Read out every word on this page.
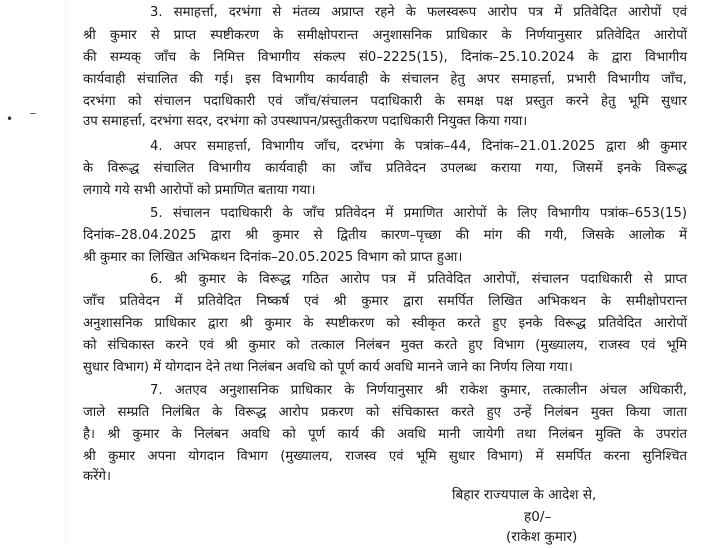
–
•
3. समाहर्त्ता, दरभंगा से मंतव्य अप्राप्त रहने के फलस्वरूप आरोप पत्र में प्रतिवेदित आरोपों एवं
श्री कुमार से प्राप्त स्पष्टीकरण के समीक्षोपरान्त अनुशासनिक प्राधिकार के निर्णयानुसार प्रतिवेदित आरोपों
की सम्यक् जाँच के निमित्त विभागीय संकल्प सं0–2225(15), दिनांक–25.10.2024 के द्वारा विभागीय
कार्यवाही संचालित की गई। इस विभागीय कार्यवाही के संचालन हेतु अपर समाहर्त्ता, प्रभारी विभागीय जाँच,
दरभंगा को संचालन पदाधिकारी एवं जाँच/संचालन पदाधिकारी के समक्ष पक्ष प्रस्तुत करने हेतु भूमि सुधार
उप समाहर्त्ता, दरभंगा सदर, दरभंगा को उपस्थापन/प्रस्तुतीकरण पदाधिकारी नियुक्त किया गया।
4. अपर समाहर्त्ता, विभागीय जाँच, दरभंगा के पत्रांक–44, दिनांक–21.01.2025 द्वारा श्री कुमार
के विरूद्ध संचालित विभागीय कार्यवाही का जाँच प्रतिवेदन उपलब्ध कराया गया, जिसमें इनके विरूद्ध
लगाये गये सभी आरोपों को प्रमाणित बताया गया।
5. संचालन पदाधिकारी के जाँच प्रतिवेदन में प्रमाणित आरोपों के लिए विभागीय पत्रांक–653(15)
दिनांक–28.04.2025 द्वारा श्री कुमार से द्वितीय कारण–पृच्छा की मांग की गयी, जिसके आलोक में
श्री कुमार का लिखित अभिकथन दिनांक–20.05.2025 विभाग को प्राप्त हुआ।
6. श्री कुमार के विरूद्ध गठित आरोप पत्र में प्रतिवेदित आरोपों, संचालन पदाधिकारी से प्राप्त
जाँच प्रतिवेदन में प्रतिवेदित निष्कर्ष एवं श्री कुमार द्वारा समर्पित लिखित अभिकथन के समीक्षोपरान्त
अनुशासनिक प्राधिकार द्वारा श्री कुमार के स्पष्टीकरण को स्वीकृत करते हुए इनके विरूद्ध प्रतिवेदित आरोपों
को संचिकास्त करने एवं श्री कुमार को तत्काल निलंबन मुक्त करते हुए विभाग (मुख्यालय, राजस्व एवं भूमि
सुधार विभाग) में योगदान देने तथा निलंबन अवधि को पूर्ण कार्य अवधि मानने जाने का निर्णय लिया गया।
7. अतएव अनुशासनिक प्राधिकार के निर्णयानुसार श्री राकेश कुमार, तत्कालीन अंचल अधिकारी,
जाले सम्प्रति निलंबित के विरूद्ध आरोप प्रकरण को संचिकास्त करते हुए उन्हें निलंबन मुक्त किया जाता
है। श्री कुमार के निलंबन अवधि को पूर्ण कार्य की अवधि मानी जायेगी तथा निलंबन मुक्ति के उपरांत
श्री कुमार अपना योगदान विभाग (मुख्यालय, राजस्व एवं भूमि सुधार विभाग) में समर्पित करना सुनिश्चित
करेंगे।
बिहार राज्यपाल के आदेश से,
ह0/–
(राकेश कुमार)
